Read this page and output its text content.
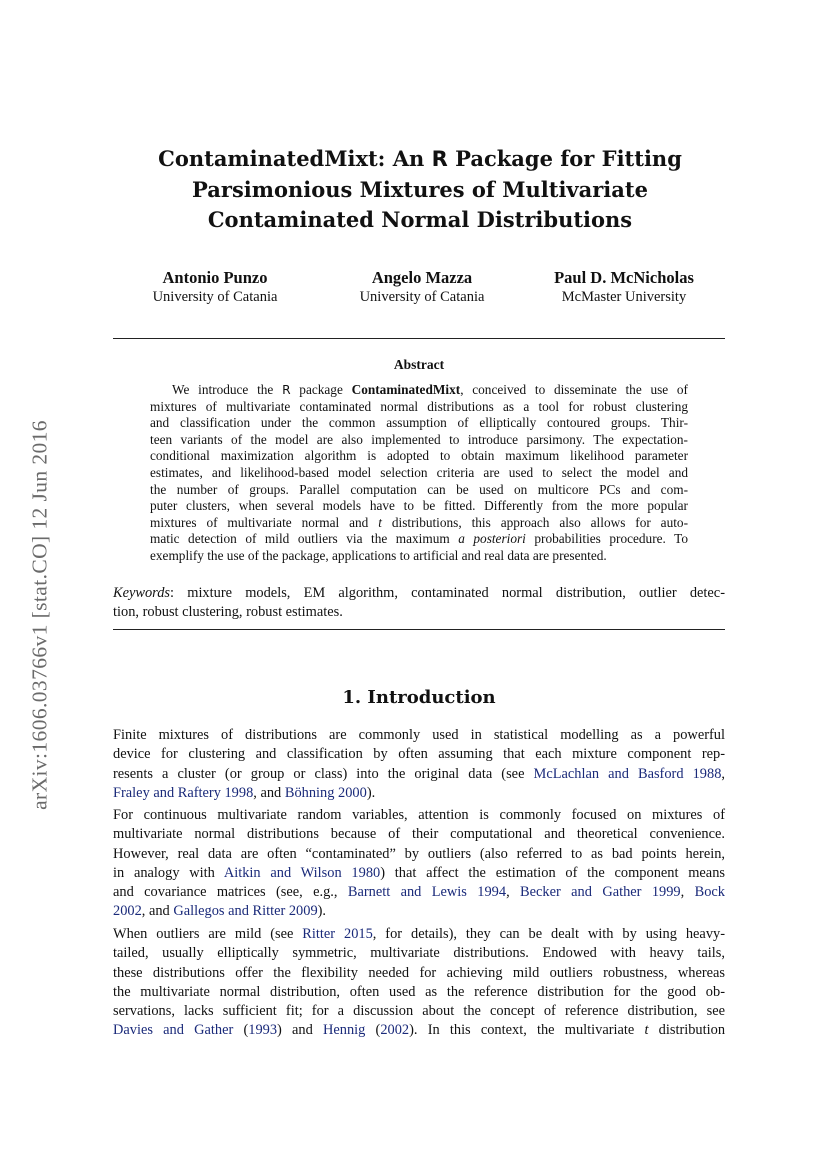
arXiv:1606.03766v1 [stat.CO] 12 Jun 2016
ContaminatedMixt: An R Package for Fitting
Parsimonious Mixtures of Multivariate
Contaminated Normal Distributions
Antonio Punzo
University of Catania
Angelo Mazza
University of Catania
Paul D. McNicholas
McMaster University
Abstract
We introduce the R package ContaminatedMixt, conceived to disseminate the use of
mixtures of multivariate contaminated normal distributions as a tool for robust clustering
and classification under the common assumption of elliptically contoured groups. Thir-
teen variants of the model are also implemented to introduce parsimony. The expectation-
conditional maximization algorithm is adopted to obtain maximum likelihood parameter
estimates, and likelihood-based model selection criteria are used to select the model and
the number of groups. Parallel computation can be used on multicore PCs and com-
puter clusters, when several models have to be fitted. Differently from the more popular
mixtures of multivariate normal and t distributions, this approach also allows for auto-
matic detection of mild outliers via the maximum a posteriori probabilities procedure. To
exemplify the use of the package, applications to artificial and real data are presented.
Keywords: mixture models, EM algorithm, contaminated normal distribution, outlier detec-
tion, robust clustering, robust estimates.
1. Introduction
Finite mixtures of distributions are commonly used in statistical modelling as a powerful
device for clustering and classification by often assuming that each mixture component rep-
resents a cluster (or group or class) into the original data (see McLachlan and Basford 1988,
Fraley and Raftery 1998, and Böhning 2000).
For continuous multivariate random variables, attention is commonly focused on mixtures of
multivariate normal distributions because of their computational and theoretical convenience.
However, real data are often “contaminated” by outliers (also referred to as bad points herein,
in analogy with Aitkin and Wilson 1980) that affect the estimation of the component means
and covariance matrices (see, e.g., Barnett and Lewis 1994, Becker and Gather 1999, Bock
2002, and Gallegos and Ritter 2009).
When outliers are mild (see Ritter 2015, for details), they can be dealt with by using heavy-
tailed, usually elliptically symmetric, multivariate distributions. Endowed with heavy tails,
these distributions offer the flexibility needed for achieving mild outliers robustness, whereas
the multivariate normal distribution, often used as the reference distribution for the good ob-
servations, lacks sufficient fit; for a discussion about the concept of reference distribution, see
Davies and Gather (1993) and Hennig (2002). In this context, the multivariate t distribution
